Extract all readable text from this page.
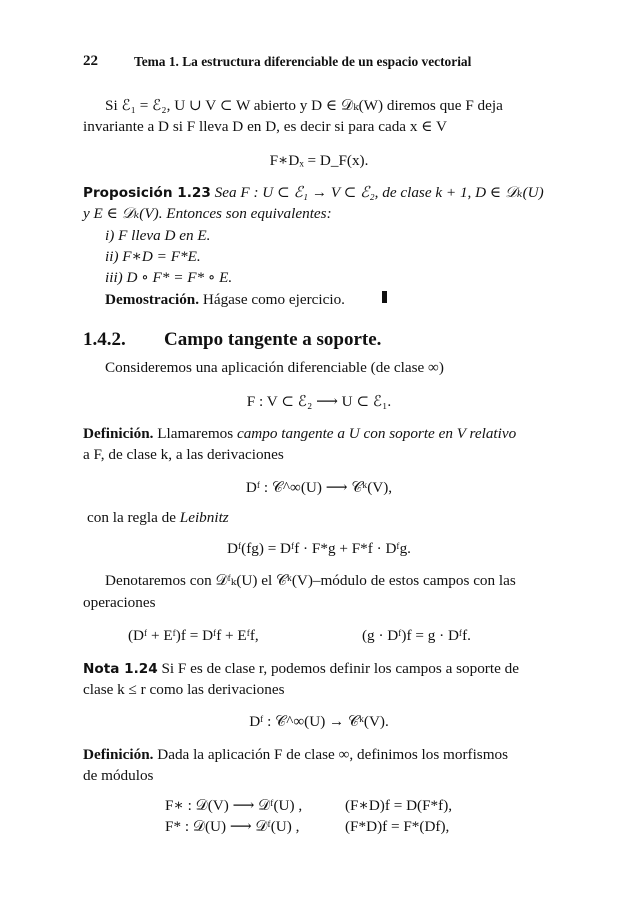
22	Tema 1. La estructura diferenciable de un espacio vectorial
Si ℰ₁ = ℰ₂, U ∪ V ⊂ W abierto y D ∈ 𝒟ₖ(W) diremos que F deja
invariante a D si F lleva D en D, es decir si para cada x ∈ V
F∗Dₓ = D_F(x).
Proposición 1.23 Sea F : U ⊂ ℰ₁ → V ⊂ ℰ₂, de clase k + 1, D ∈ 𝒟ₖ(U)
y E ∈ 𝒟ₖ(V). Entonces son equivalentes:
i) F lleva D en E.
ii) F∗D = F*E.
iii) D ∘ F* = F* ∘ E.
Demostración. Hágase como ejercicio.
1.4.2. Campo tangente a soporte.
Consideremos una aplicación diferenciable (de clase ∞)
F : V ⊂ ℰ₂ ⟶ U ⊂ ℰ₁.
Definición. Llamaremos campo tangente a U con soporte en V relativo
a F, de clase k, a las derivaciones
Dᶠ : 𝒞^∞(U) ⟶ 𝒞ᵏ(V),
con la regla de Leibnitz
Dᶠ(fg) = Dᶠf · F*g + F*f · Dᶠg.
Denotaremos con 𝒟ᶠₖ(U) el 𝒞ᵏ(V)–módulo de estos campos con las
operaciones
(Dᶠ + Eᶠ)f = Dᶠf + Eᶠf,	(g · Dᶠ)f = g · Dᶠf.
Nota 1.24 Si F es de clase r, podemos definir los campos a soporte de
clase k ≤ r como las derivaciones
Dᶠ : 𝒞^∞(U) → 𝒞ᵏ(V).
Definición. Dada la aplicación F de clase ∞, definimos los morfismos
de módulos
F∗ : 𝒟(V) ⟶ 𝒟ᶠ(U) ,	(F∗D)f = D(F*f),
F* : 𝒟(U) ⟶ 𝒟ᶠ(U) ,	(F*D)f = F*(Df),
